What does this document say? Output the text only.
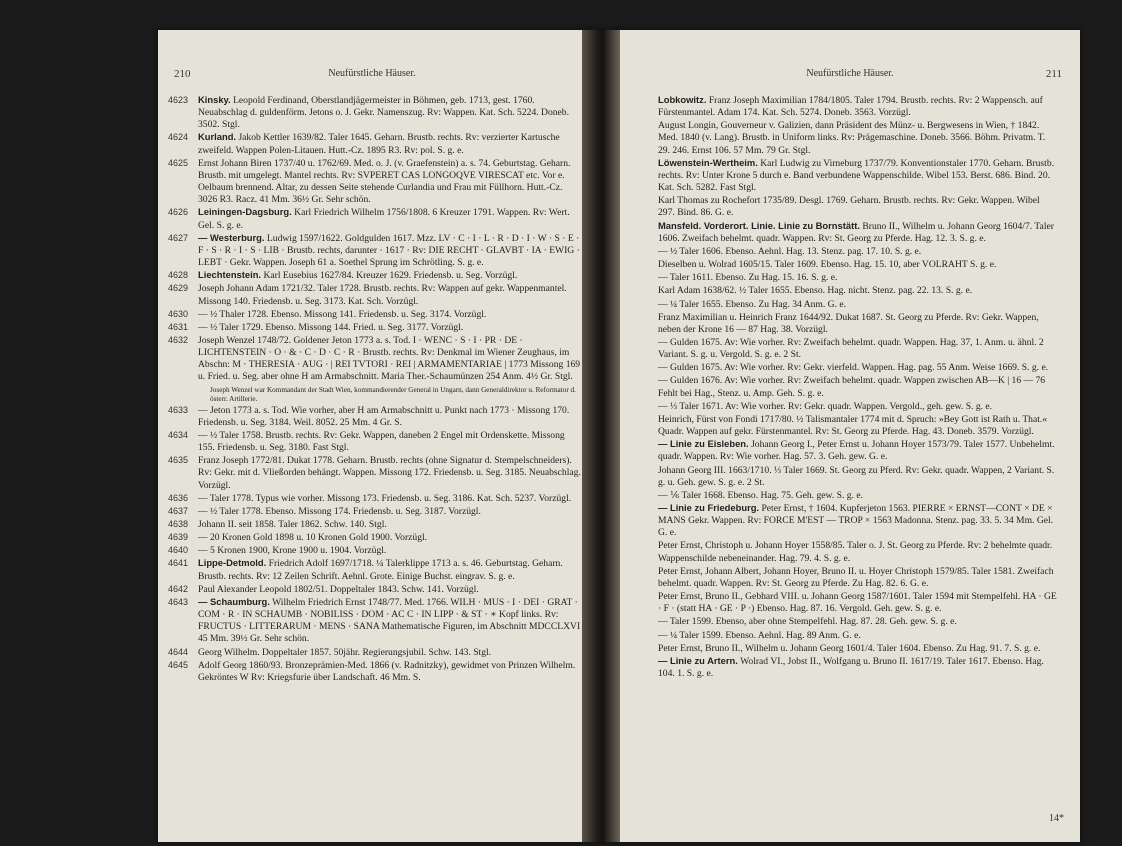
210	Neufürstliche Häuser.
4623	Kinsky. Leopold Ferdinand, Oberstlandjägermeister in Böhmen, geb. 1713, gest. 1760. Neuabschlag d. guldenförm. Jetons o. J. Gekr. Namenszug. Rv: Wappen. Kat. Sch. 5224. Doneb. 3502. Stgl.
4624	Kurland. Jakob Kettler 1639/82. Taler 1645. Geharn. Brustb. rechts. Rv: verzierter Kartusche zweifeld. Wappen Polen-Litauen. Hutt.-Cz. 1895 R3. Rv: pol. S. g. e.
4625	Ernst Johann Biren 1737/40 u. 1762/69. Med. o. J. (v. Graefenstein) a. s. 74. Geburtstag. Geharn. Brustb. mit umgelegt. Mantel rechts. Rv: SVPERET CAS LONGOQVE VIRESCAT etc. Vor e. Oelbaum brennend. Altar, zu dessen Seite stehende Curlandia und Frau mit Füllhorn. Hutt.-Cz. 3026 R3. Racz. 41 Mm. 36½ Gr. Sehr schön.
4626	Leiningen-Dagsburg. Karl Friedrich Wilhelm 1756/1808. 6 Kreuzer 1791. Wappen. Rv: Wert. Gel. S. g. e.
4627	— Westerburg. Ludwig 1597/1622. Goldgulden 1617. Mzz. LV · C · I · L · R · D · I · W · S · E · F · S · R · I · S · LIB · Brustb. rechts, darunter · 1617 · Rv: DIE RECHT · GLAVBT · IA · EWIG · LEBT · Gekr. Wappen. Joseph 61 a. Soethel Sprung im Schrötling. S. g. e.
4628	Liechtenstein. Karl Eusebius 1627/84. Kreuzer 1629. Friedensb. u. Seg. Vorzügl.
4629	Joseph Johann Adam 1721/32. Taler 1728. Brustb. rechts. Rv: Wappen auf gekr. Wappenmantel. Missong 140. Friedensb. u. Seg. 3173. Kat. Sch. Vorzügl.
4630	— ½ Thaler 1728. Ebenso. Missong 141. Friedensb. u. Seg. 3174. Vorzügl.
4631	— ½ Taler 1729. Ebenso. Missong 144. Fried. u. Seg. 3177. Vorzügl.
4632	Joseph Wenzel 1748/72. Goldener Jeton 1773 a. s. Tod. I · WENC · S · I · PR · DE · LICHTENSTEIN · O · & · C · D · C · R · Brustb. rechts. Rv: Denkmal im Wiener Zeughaus, im Abschn: M · THERESIA · AUG · | REI TVTORI · REI | ARMAMENTARIAE | 1773 Missong 169 u. Fried. u. Seg. aber ohne H am Armabschnitt. Maria Ther.-Schaumünzen 254 Anm. 4½ Gr. Stgl.
Joseph Wenzel war Kommandant der Stadt Wien, kommandierender General in Ungarn, dann Generaldirektor u. Reformator d. österr. Artillerie.
4633	— Jeton 1773 a. s. Tod. Wie vorher, aber H am Armabschnitt u. Punkt nach 1773 · Missong 170. Friedensb. u. Seg. 3184. Weil. 8052. 25 Mm. 4 Gr. S.
4634	— ½ Taler 1758. Brustb. rechts. Rv: Gekr. Wappen, daneben 2 Engel mit Ordenskette. Missong 155. Friedensb. u. Seg. 3180. Fast Stgl.
4635	Franz Joseph 1772/81. Dukat 1778. Geharn. Brustb. rechts (ohne Signatur d. Stempelschneiders). Rv: Gekr. mit d. Vließorden behängt. Wappen. Missong 172. Friedensb. u. Seg. 3185. Neuabschlag. Vorzügl.
4636	— Taler 1778. Typus wie vorher. Missong 173. Friedensb. u. Seg. 3186. Kat. Sch. 5237. Vorzügl.
4637	— ½ Taler 1778. Ebenso. Missong 174. Friedensb. u. Seg. 3187. Vorzügl.
4638	Johann II. seit 1858. Taler 1862. Schw. 140. Stgl.
4639	— 20 Kronen Gold 1898 u. 10 Kronen Gold 1900. Vorzügl.
4640	— 5 Kronen 1900, Krone 1900 u. 1904. Vorzügl.
4641	Lippe-Detmold. Friedrich Adolf 1697/1718. ¼ Talerklippe 1713 a. s. 46. Geburtstag. Geharn. Brustb. rechts. Rv: 12 Zeilen Schrift. Aehnl. Grote. Einige Buchst. eingrav. S. g. e.
4642	Paul Alexander Leopold 1802/51. Doppeltaler 1843. Schw. 141. Vorzügl.
4643	— Schaumburg. Wilhelm Friedrich Ernst 1748/77. Med. 1766. WILH · MUS · I · DEI · GRAT · COM · R · IN SCHAUMB · NOBILISS · DOM · AC C · IN LIPP · & ST · ∗ Kopf links. Rv: FRUCTUS · LITTERARUM · MENS · SANA Mathematische Figuren, im Abschnitt MDCCLXVI 45 Mm. 39½ Gr. Sehr schön.
4644	Georg Wilhelm. Doppeltaler 1857. 50jähr. Regierungsjubil. Schw. 143. Stgl.
4645	Adolf Georg 1860/93. Bronzeprämien-Med. 1866 (v. Radnitzky), gewidmet von Prinzen Wilhelm. Gekröntes W Rv: Kriegsfurie über Landschaft. 46 Mm. S.
Neufürstliche Häuser.	211
4646	Lobkowitz. Franz Joseph Maximilian 1784/1805. Taler 1794. Brustb. rechts. Rv: 2 Wappensch. auf Fürstenmantel. Adam 174. Kat. Sch. 5274. Doneb. 3563. Vorzügl.
4647	August Longin, Gouverneur v. Galizien, dann Präsident des Münz- u. Bergwesens in Wien, † 1842. Med. 1840 (v. Lang). Brustb. in Uniform links. Rv: Prägemaschine. Doneb. 3566. Böhm. Privatm. T. 29. 246. Ernst 106. 57 Mm. 79 Gr. Stgl.
4648	Löwenstein-Wertheim. Karl Ludwig zu Virneburg 1737/79. Konventionstaler 1770. Geharn. Brustb. rechts. Rv: Unter Krone 5 durch e. Band verbundene Wappenschilde. Wibel 153. Berst. 686. Bind. 20. Kat. Sch. 5282. Fast Stgl.
4649	Karl Thomas zu Rochefort 1735/89. Desgl. 1769. Geharn. Brustb. rechts. Rv: Gekr. Wappen. Wibel 297. Bind. 86. G. e.
4650	Mansfeld. Vorderort. Linie. Linie zu Bornstätt. Bruno II., Wilhelm u. Johann Georg 1604/7. Taler 1606. Zweifach behelmt. quadr. Wappen. Rv: St. Georg zu Pferde. Hag. 12. 3. S. g. e.
4651	— ½ Taler 1606. Ebenso. Aehnl. Hag. 13. Stenz. pag. 17. 10. S. g. e.
4652	Dieselben u. Wolrad 1605/15. Taler 1609. Ebenso. Hag. 15. 10, aber VOLRAHT S. g. e.
4653	— Taler 1611. Ebenso. Zu Hag. 15. 16. S. g. e.
4654	Karl Adam 1638/62. ½ Taler 1655. Ebenso. Hag. nicht. Stenz. pag. 22. 13. S. g. e.
4655	— ¼ Taler 1655. Ebenso. Zu Hag. 34 Anm. G. e.
4656	Franz Maximilian u. Heinrich Franz 1644/92. Dukat 1687. St. Georg zu Pferde. Rv: Gekr. Wappen, neben der Krone 16 — 87 Hag. 38. Vorzügl.
4657	— Gulden 1675. Av: Wie vorher. Rv: Zweifach behelmt. quadr. Wappen. Hag. 37, 1. Anm. u. ähnl. 2 Variant. S. g. u. Vergold. S. g. e. 2 St.
4658	— Gulden 1675. Av: Wie vorher. Rv: Gekr. vierfeld. Wappen. Hag. pag. 55 Anm. Weise 1669. S. g. e.
4659	— Gulden 1676. Av: Wie vorher. Rv: Zweifach behelmt. quadr. Wappen zwischen AB—K | 16 — 76 Fehlt bei Hag., Stenz. u. Amp. Geh. S. g. e.
4660	— ⅓ Taler 1671. Av: Wie vorher. Rv: Gekr. quadr. Wappen. Vergold., geh. gew. S. g. e.
4661	Heinrich, Fürst von Fondi 1717/80. ½ Talismantaler 1774 mit d. Spruch: »Bey Gott ist Rath u. That.« Quadr. Wappen auf gekr. Fürstenmantel. Rv: St. Georg zu Pferde. Hag. 43. Doneb. 3579. Vorzügl.
4662	— Linie zu Eisleben. Johann Georg I., Peter Ernst u. Johann Hoyer 1573/79. Taler 1577. Unbehelmt. quadr. Wappen. Rv: Wie vorher. Hag. 57. 3. Geh. gew. G. e.
4663	Johann Georg III. 1663/1710. ⅓ Taler 1669. St. Georg zu Pferd. Rv: Gekr. quadr. Wappen, 2 Variant. S. g. u. Geh. gew. S. g. e. 2 St.
4664	— ⅙ Taler 1668. Ebenso. Hag. 75. Geh. gew. S. g. e.
4665	— Linie zu Friedeburg. Peter Ernst, † 1604. Kupferjeton 1563. PIERRE × ERNST—CONT × DE × MANS Gekr. Wappen. Rv: FORCE M'EST — TROP × 1563 Madonna. Stenz. pag. 33. 5. 34 Mm. Gel. G. e.
4666	Peter Ernst, Christoph u. Johann Hoyer 1558/85. Taler o. J. St. Georg zu Pferde. Rv: 2 behelmte quadr. Wappenschilde nebeneinander. Hag. 79. 4. S. g. e.
4667	Peter Ernst, Johann Albert, Johann Hoyer, Bruno II. u. Hoyer Christoph 1579/85. Taler 1581. Zweifach behelmt. quadr. Wappen. Rv: St. Georg zu Pferde. Zu Hag. 82. 6. G. e.
4668	Peter Ernst, Bruno II., Gebhard VIII. u. Johann Georg 1587/1601. Taler 1594 mit Stempelfehl. HA · GE · F · (statt HA · GE · P ·) Ebenso. Hag. 87. 16. Vergold. Geh. gew. S. g. e.
4669	— Taler 1599. Ebenso, aber ohne Stempelfehl. Hag. 87. 28. Geh. gew. S. g. e.
4670	— ¼ Taler 1599. Ebenso. Aehnl. Hag. 89 Anm. G. e.
4671	Peter Ernst, Bruno II., Wilhelm u. Johann Georg 1601/4. Taler 1604. Ebenso. Zu Hag. 91. 7. S. g. e.
4672	— Linie zu Artern. Wolrad VI., Jobst II., Wolfgang u. Bruno II. 1617/19. Taler 1617. Ebenso. Hag. 104. 1. S. g. e.
14*
